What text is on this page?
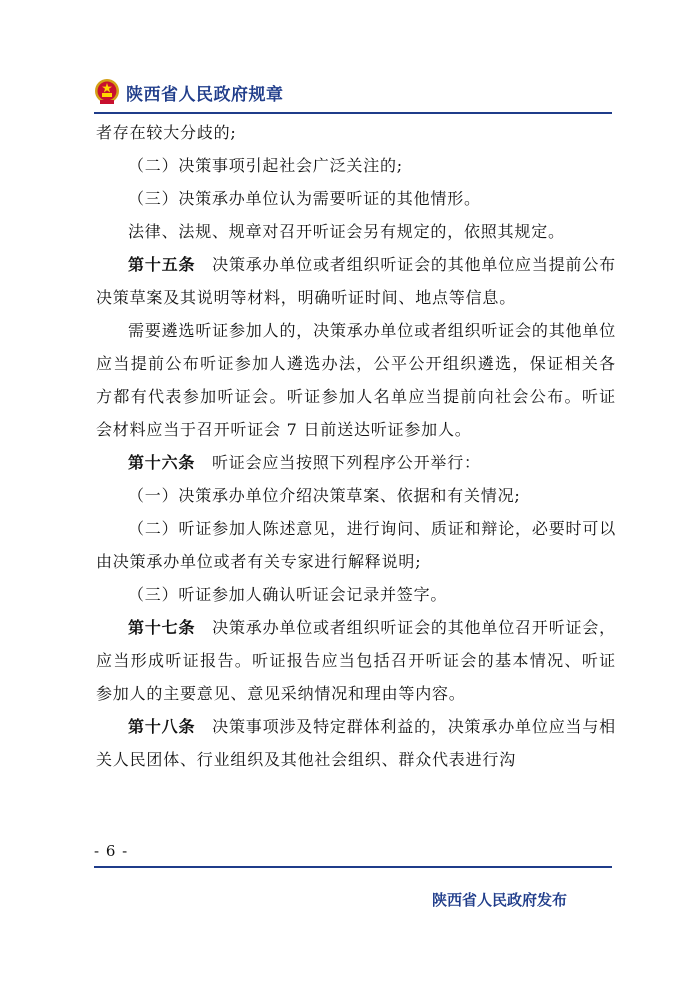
陕西省人民政府规章

者存在较大分歧的;

（二）决策事项引起社会广泛关注的;

（三）决策承办单位认为需要听证的其他情形。

法律、法规、规章对召开听证会另有规定的，依照其规定。

第十五条　决策承办单位或者组织听证会的其他单位应当提前公布决策草案及其说明等材料，明确听证时间、地点等信息。

需要遴选听证参加人的，决策承办单位或者组织听证会的其他单位应当提前公布听证参加人遴选办法，公平公开组织遴选，保证相关各方都有代表参加听证会。听证参加人名单应当提前向社会公布。听证会材料应当于召开听证会 7 日前送达听证参加人。

第十六条　听证会应当按照下列程序公开举行：

（一）决策承办单位介绍决策草案、依据和有关情况;

（二）听证参加人陈述意见，进行询问、质证和辩论，必要时可以由决策承办单位或者有关专家进行解释说明;

（三）听证参加人确认听证会记录并签字。

第十七条　决策承办单位或者组织听证会的其他单位召开听证会，应当形成听证报告。听证报告应当包括召开听证会的基本情况、听证参加人的主要意见、意见采纳情况和理由等内容。

第十八条　决策事项涉及特定群体利益的，决策承办单位应当与相关人民团体、行业组织及其他社会组织、群众代表进行沟

- 6 -
陕西省人民政府发布
